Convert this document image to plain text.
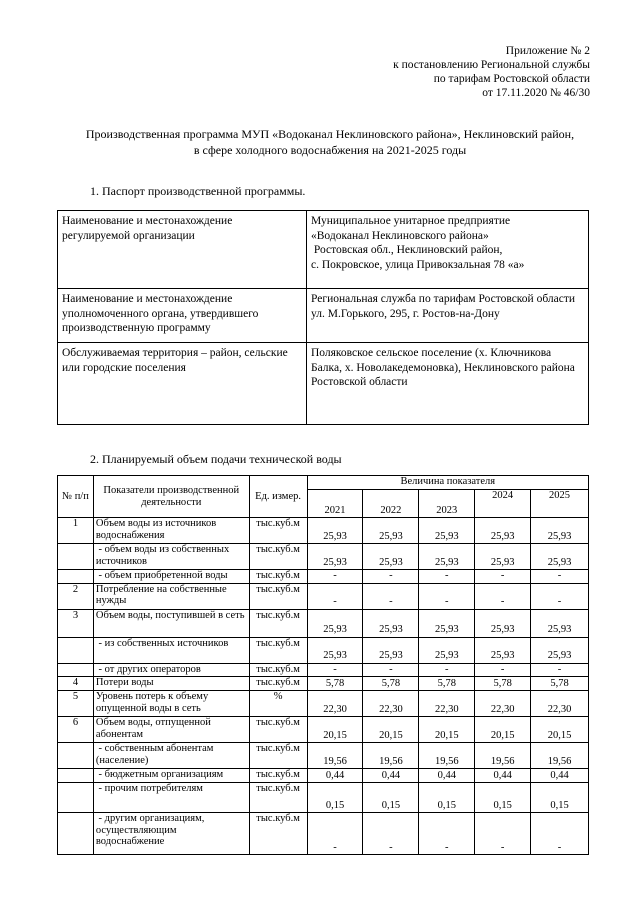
Приложение № 2
к постановлению Региональной службы
по тарифам Ростовской области
от 17.11.2020 № 46/30
Производственная программа МУП «Водоканал Неклиновского района», Неклиновский район,
в сфере холодного водоснабжения на 2021-2025 годы
1. Паспорт производственной программы.
Наименование и местонахождение регулируемой организации	Муниципальное унитарное предприятие
«Водоканал Неклиновского района»
Ростовская обл., Неклиновский район,
с. Покровское, улица Привокзальная 78 «а»

Наименование и местонахождение уполномоченного органа, утвердившего производственную программу	Региональная служба по тарифам Ростовской области
ул. М.Горького, 295, г. Ростов-на-Дону

Обслуживаемая территория – район, сельские или городские поселения	Поляковское сельское поселение (х. Ключникова Балка, х. Новолакедемоновка), Неклиновского района Ростовской области
2. Планируемый объем подачи технической воды
№ п/п	Показатели производственной деятельности	Ед. измер.	Величина показателя				
			2021	2022	2023	2024	2025
1	Объем воды из источников водоснабжения	тыс.куб.м	25,93	25,93	25,93	25,93	25,93
	- объем воды из собственных источников	тыс.куб.м	25,93	25,93	25,93	25,93	25,93
	- объем приобретенной воды	тыс.куб.м	-	-	-	-	-
2	Потребление на собственные нужды	тыс.куб.м	-	-	-	-	-
3	Объем воды, поступившей в сеть	тыс.куб.м	25,93	25,93	25,93	25,93	25,93
	- из собственных источников	тыс.куб.м	25,93	25,93	25,93	25,93	25,93
	- от других операторов	тыс.куб.м	-	-	-	-	-
4	Потери воды	тыс.куб.м	5,78	5,78	5,78	5,78	5,78
5	Уровень потерь к объему опущенной воды в сеть	%	22,30	22,30	22,30	22,30	22,30
6	Объем воды, отпущенной абонентам	тыс.куб.м	20,15	20,15	20,15	20,15	20,15
	- собственным абонентам (население)	тыс.куб.м	19,56	19,56	19,56	19,56	19,56
	- бюджетным организациям	тыс.куб.м	0,44	0,44	0,44	0,44	0,44
	- прочим потребителям	тыс.куб.м	0,15	0,15	0,15	0,15	0,15
	- другим организациям, осуществляющим водоснабжение	тыс.куб.м	-	-	-	-	-
